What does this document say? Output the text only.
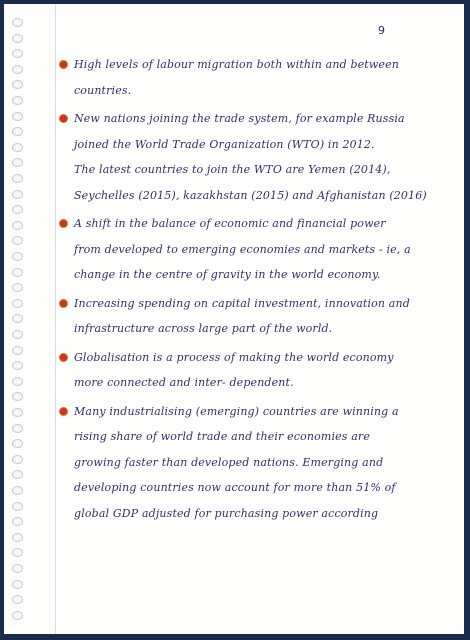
9
High levels of labour migration both within and between
countries.
New nations joining the trade system, for example Russia
joined the World Trade Organization (WTO) in 2012.
The latest countries to join the WTO are Yemen (2014),
Seychelles (2015), kazakhstan (2015) and Afghanistan (2016)
A shift in the balance of economic and financial power
from developed to emerging economies and markets - ie, a
change in the centre of gravity in the world economy.
Increasing spending on capital investment, innovation and
infrastructure across large part of the world.
Globalisation is a process of making the world economy
more connected and inter- dependent.
Many industrialising (emerging) countries are winning a
rising share of world trade and their economies are
growing faster than developed nations. Emerging and
developing countries now account for more than 51% of
global GDP adjusted for purchasing power according
